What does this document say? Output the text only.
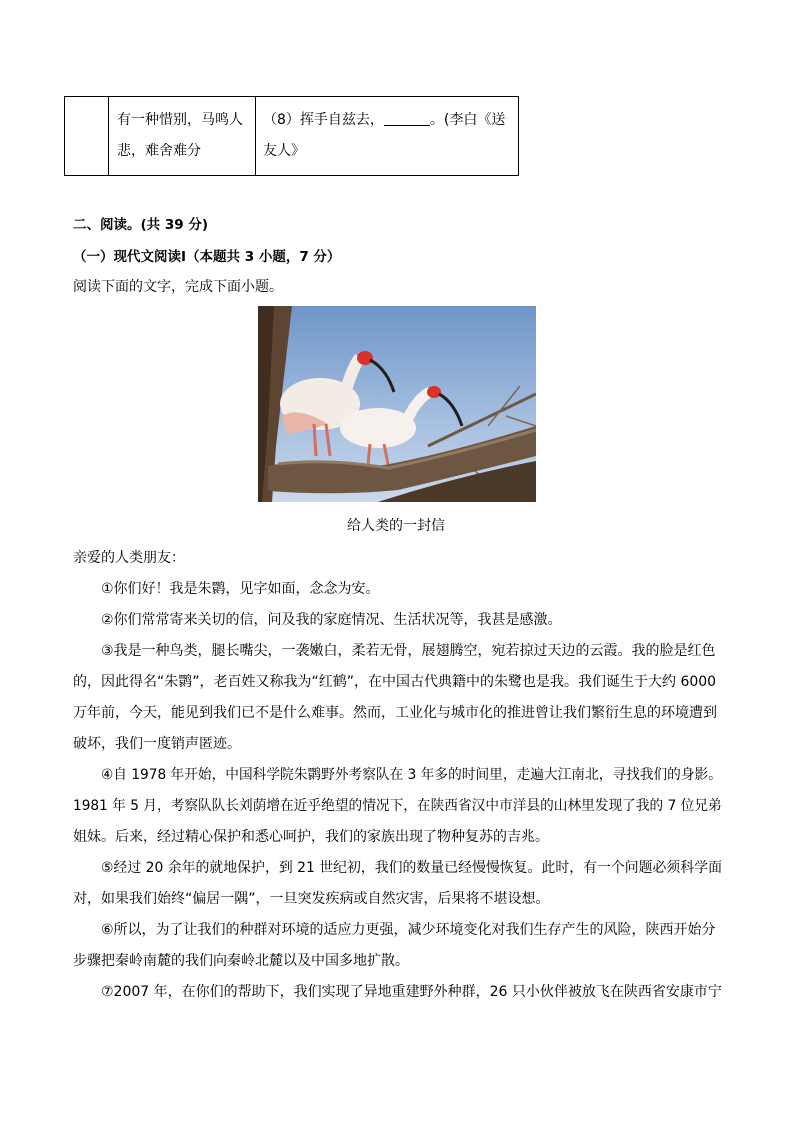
有一种惜别，马鸣人
悲，难舍难分
（8）挥手自兹去，	。(李白《送
友人》
二、阅读。(共 39 分)
（一）现代文阅读Ⅰ（本题共 3 小题，7 分）
阅读下面的文字，完成下面小题。
给人类的一封信
亲爱的人类朋友：
①你们好！我是朱鹮，见字如面，念念为安。
②你们常常寄来关切的信，问及我的家庭情况、生活状况等，我甚是感激。
③我是一种鸟类，腿长嘴尖，一袭嫩白，柔若无骨，展翅腾空，宛若掠过天边的云霞。我的脸是红色
的，因此得名“朱鹮”，老百姓又称我为“红鹤”，在中国古代典籍中的朱鹭也是我。我们诞生于大约 6000
万年前，今天，能见到我们已不是什么难事。然而，工业化与城市化的推进曾让我们繁衍生息的环境遭到
破坏，我们一度销声匿迹。
④自 1978 年开始，中国科学院朱鹮野外考察队在 3 年多的时间里，走遍大江南北，寻找我们的身影。
1981 年 5 月，考察队队长刘荫增在近乎绝望的情况下，在陕西省汉中市洋县的山林里发现了我的 7 位兄弟
姐妹。后来，经过精心保护和悉心呵护，我们的家族出现了物种复苏的吉兆。
⑤经过 20 余年的就地保护，到 21 世纪初，我们的数量已经慢慢恢复。此时，有一个问题必须科学面
对，如果我们始终“偏居一隅”，一旦突发疾病或自然灾害，后果将不堪设想。
⑥所以，为了让我们的种群对环境的适应力更强，减少环境变化对我们生存产生的风险，陕西开始分
步骤把秦岭南麓的我们向秦岭北麓以及中国多地扩散。
⑦2007 年，在你们的帮助下，我们实现了异地重建野外种群，26 只小伙伴被放飞在陕西省安康市宁
